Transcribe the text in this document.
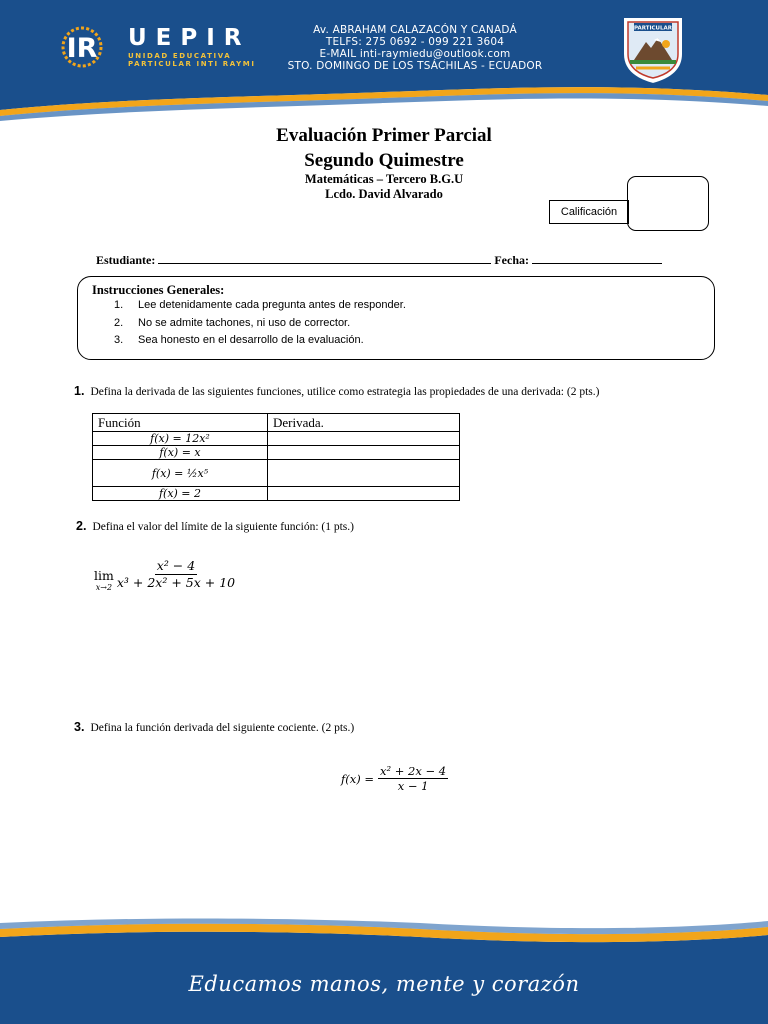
IR UEPIR
UNIDAD EDUCATIVA
PARTICULAR INTI RAYMI
Av. ABRAHAM CALAZACÓN Y CANADÁ
TELFS: 275 0692 - 099 221 3604
E-MAIL inti-raymiedu@outlook.com
STO. DOMINGO DE LOS TSÁCHILAS - ECUADOR
PARTICULAR
Evaluación Primer Parcial
Segundo Quimestre
Matemáticas – Tercero B.G.U
Lcdo. David Alvarado
Calificación
Estudiante:	Fecha:
Instrucciones Generales:
1. Lee detenidamente cada pregunta antes de responder.
2. No se admite tachones, ni uso de corrector.
3. Sea honesto en el desarrollo de la evaluación.
1. Defina la derivada de las siguientes funciones, utilice como estrategia las propiedades de una derivada: (2 pts.)
Función	Derivada.
f(x) = 12x²	
f(x) = x	
f(x) = ½x⁵	
f(x) = 2	
2. Defina el valor del límite de la siguiente función: (1 pts.)
lim
$x\to 2 \frac{\text{x² − 4}}{\text{x³ + 2x² + 5x + 10}}$
3. Defina la función derivada del siguiente cociente. (2 pts.)
$f(x) = \frac{\text{x² + 2x − 4}}{x - 1}$
Educamos manos, mente y corazón
